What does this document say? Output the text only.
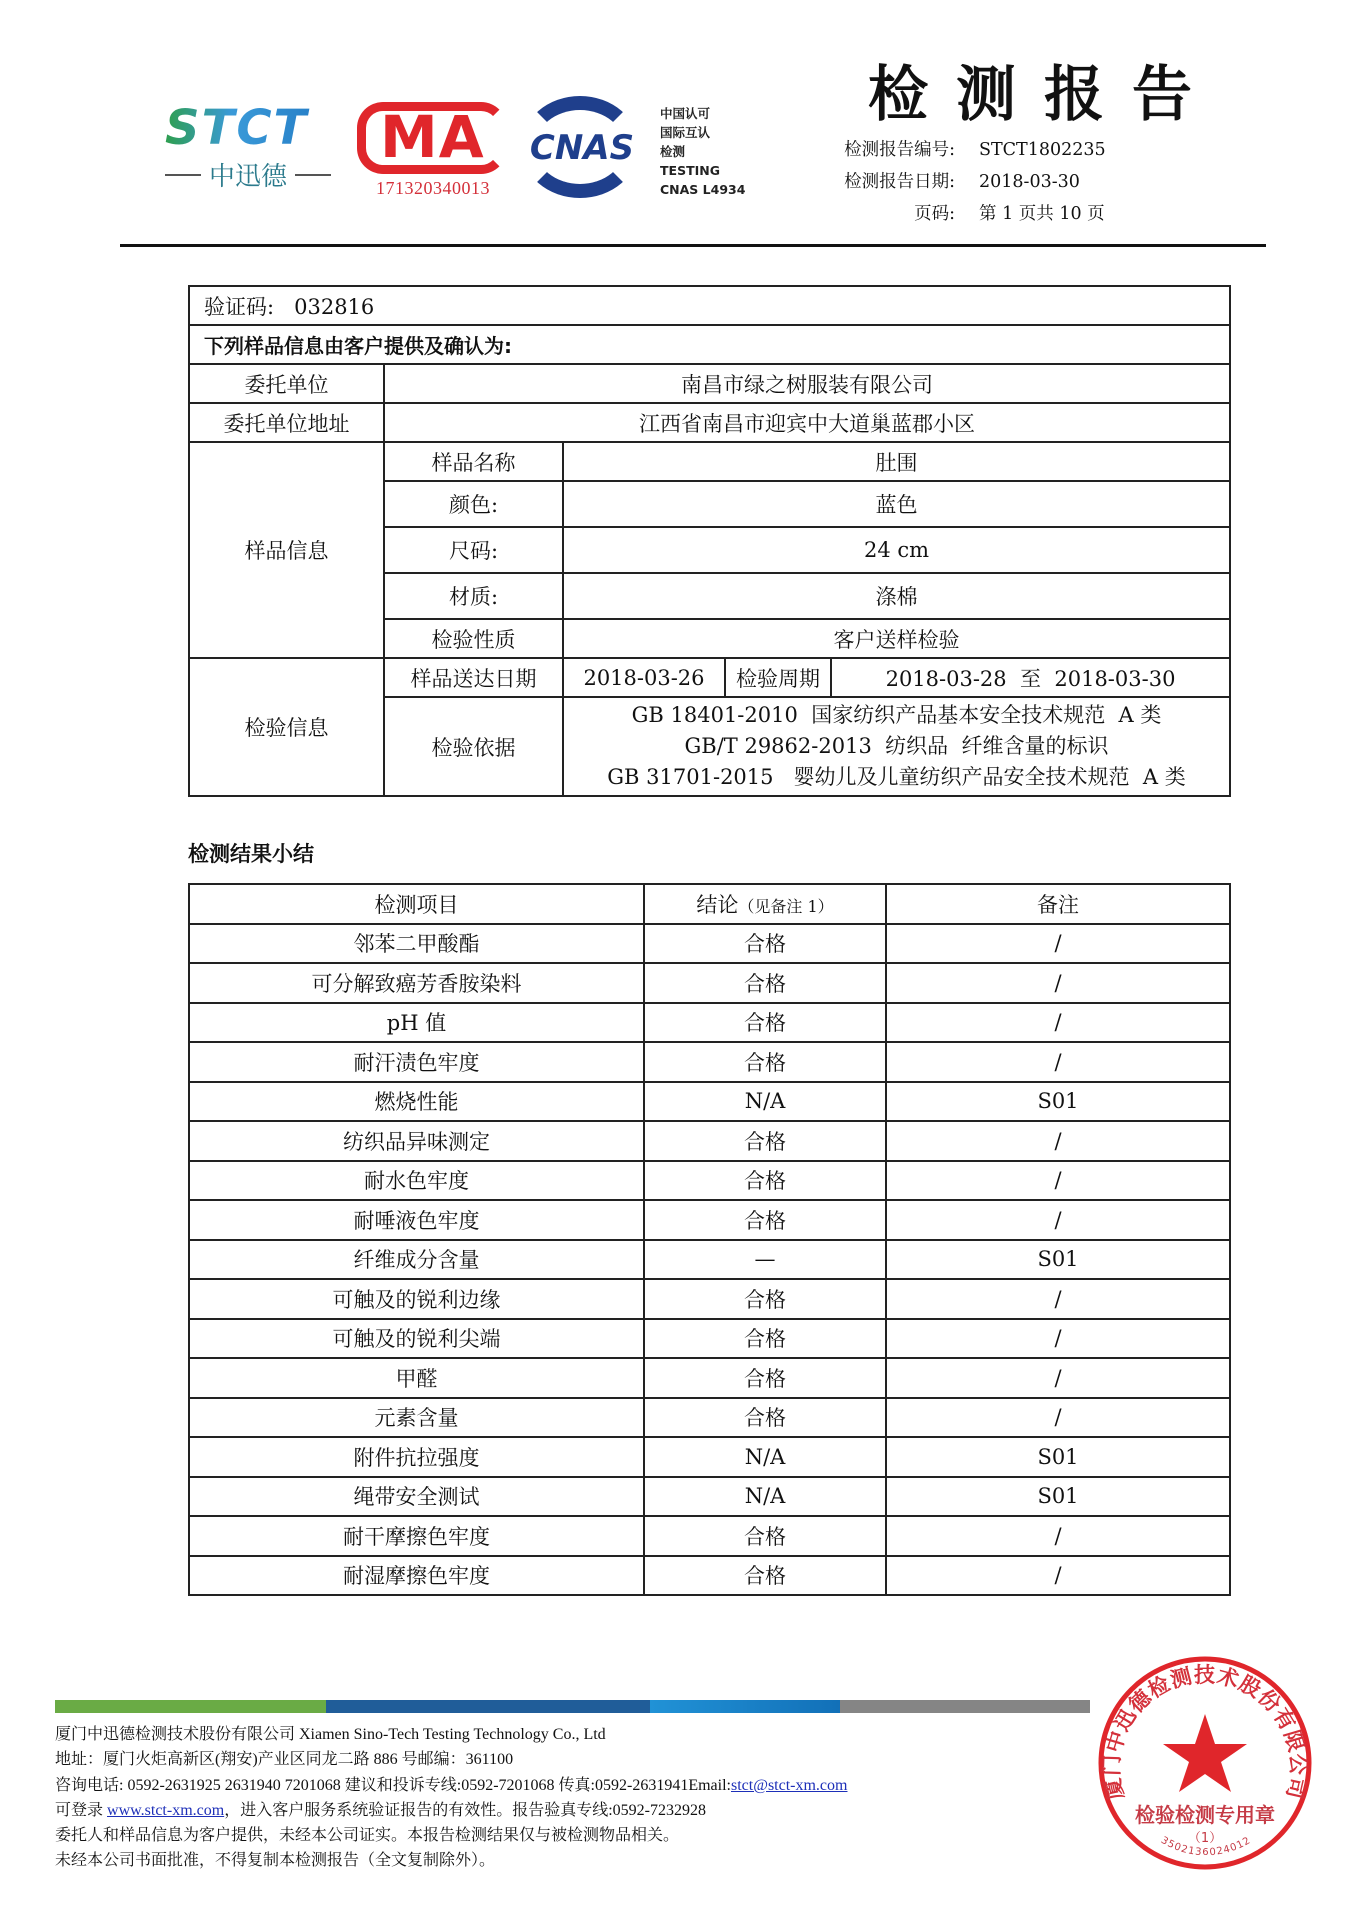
STCT
中迅德
MA
171320340013
CNAS
中国认可
国际互认
检测
TESTING
CNAS L4934
检测报告
检测报告编号:	STCT1802235
检测报告日期:	2018-03-30
页码:	第 1 页共 10 页
验证码: 032816				
下列样品信息由客户提供及确认为:				
委托单位	南昌市绿之树服装有限公司			
委托单位地址	江西省南昌市迎宾中大道巢蓝郡小区			
样品信息	样品名称	肚围		
	颜色:	蓝色		
	尺码:	24 cm		
	材质:	涤棉		
	检验性质	客户送样检验		
检验信息	样品送达日期	2018-03-26	检验周期	2018-03-28  至  2018-03-30
	检验依据	GB 18401-2010  国家纺织产品基本安全技术规范  A 类
GB/T 29862-2013  纺织品  纤维含量的标识
GB 31701-2015   婴幼儿及儿童纺织产品安全技术规范  A 类		
检测结果小结
检测项目	结论（见备注 1）	备注
邻苯二甲酸酯	合格	/
可分解致癌芳香胺染料	合格	/
pH 值	合格	/
耐汗渍色牢度	合格	/
燃烧性能	N/A	S01
纺织品异味测定	合格	/
耐水色牢度	合格	/
耐唾液色牢度	合格	/
纤维成分含量	—	S01
可触及的锐利边缘	合格	/
可触及的锐利尖端	合格	/
甲醛	合格	/
元素含量	合格	/
附件抗拉强度	N/A	S01
绳带安全测试	N/A	S01
耐干摩擦色牢度	合格	/
耐湿摩擦色牢度	合格	/
厦门中迅德检测技术股份有限公司 Xiamen Sino-Tech Testing Technology Co., Ltd
地址：厦门火炬高新区(翔安)产业区同龙二路 886 号邮编：361100
咨询电话: 0592-2631925 2631940 7201068 建议和投诉专线:0592-7201068 传真:0592-2631941Email:stct@stct-xm.com
可登录 www.stct-xm.com，进入客户服务系统验证报告的有效性。报告验真专线:0592-7232928
委托人和样品信息为客户提供，未经本公司证实。本报告检测结果仅与被检测物品相关。
未经本公司书面批准，不得复制本检测报告（全文复制除外）。
厦门中迅德检测技术股份有限公司
检验检测专用章
（1）
3502136024012
